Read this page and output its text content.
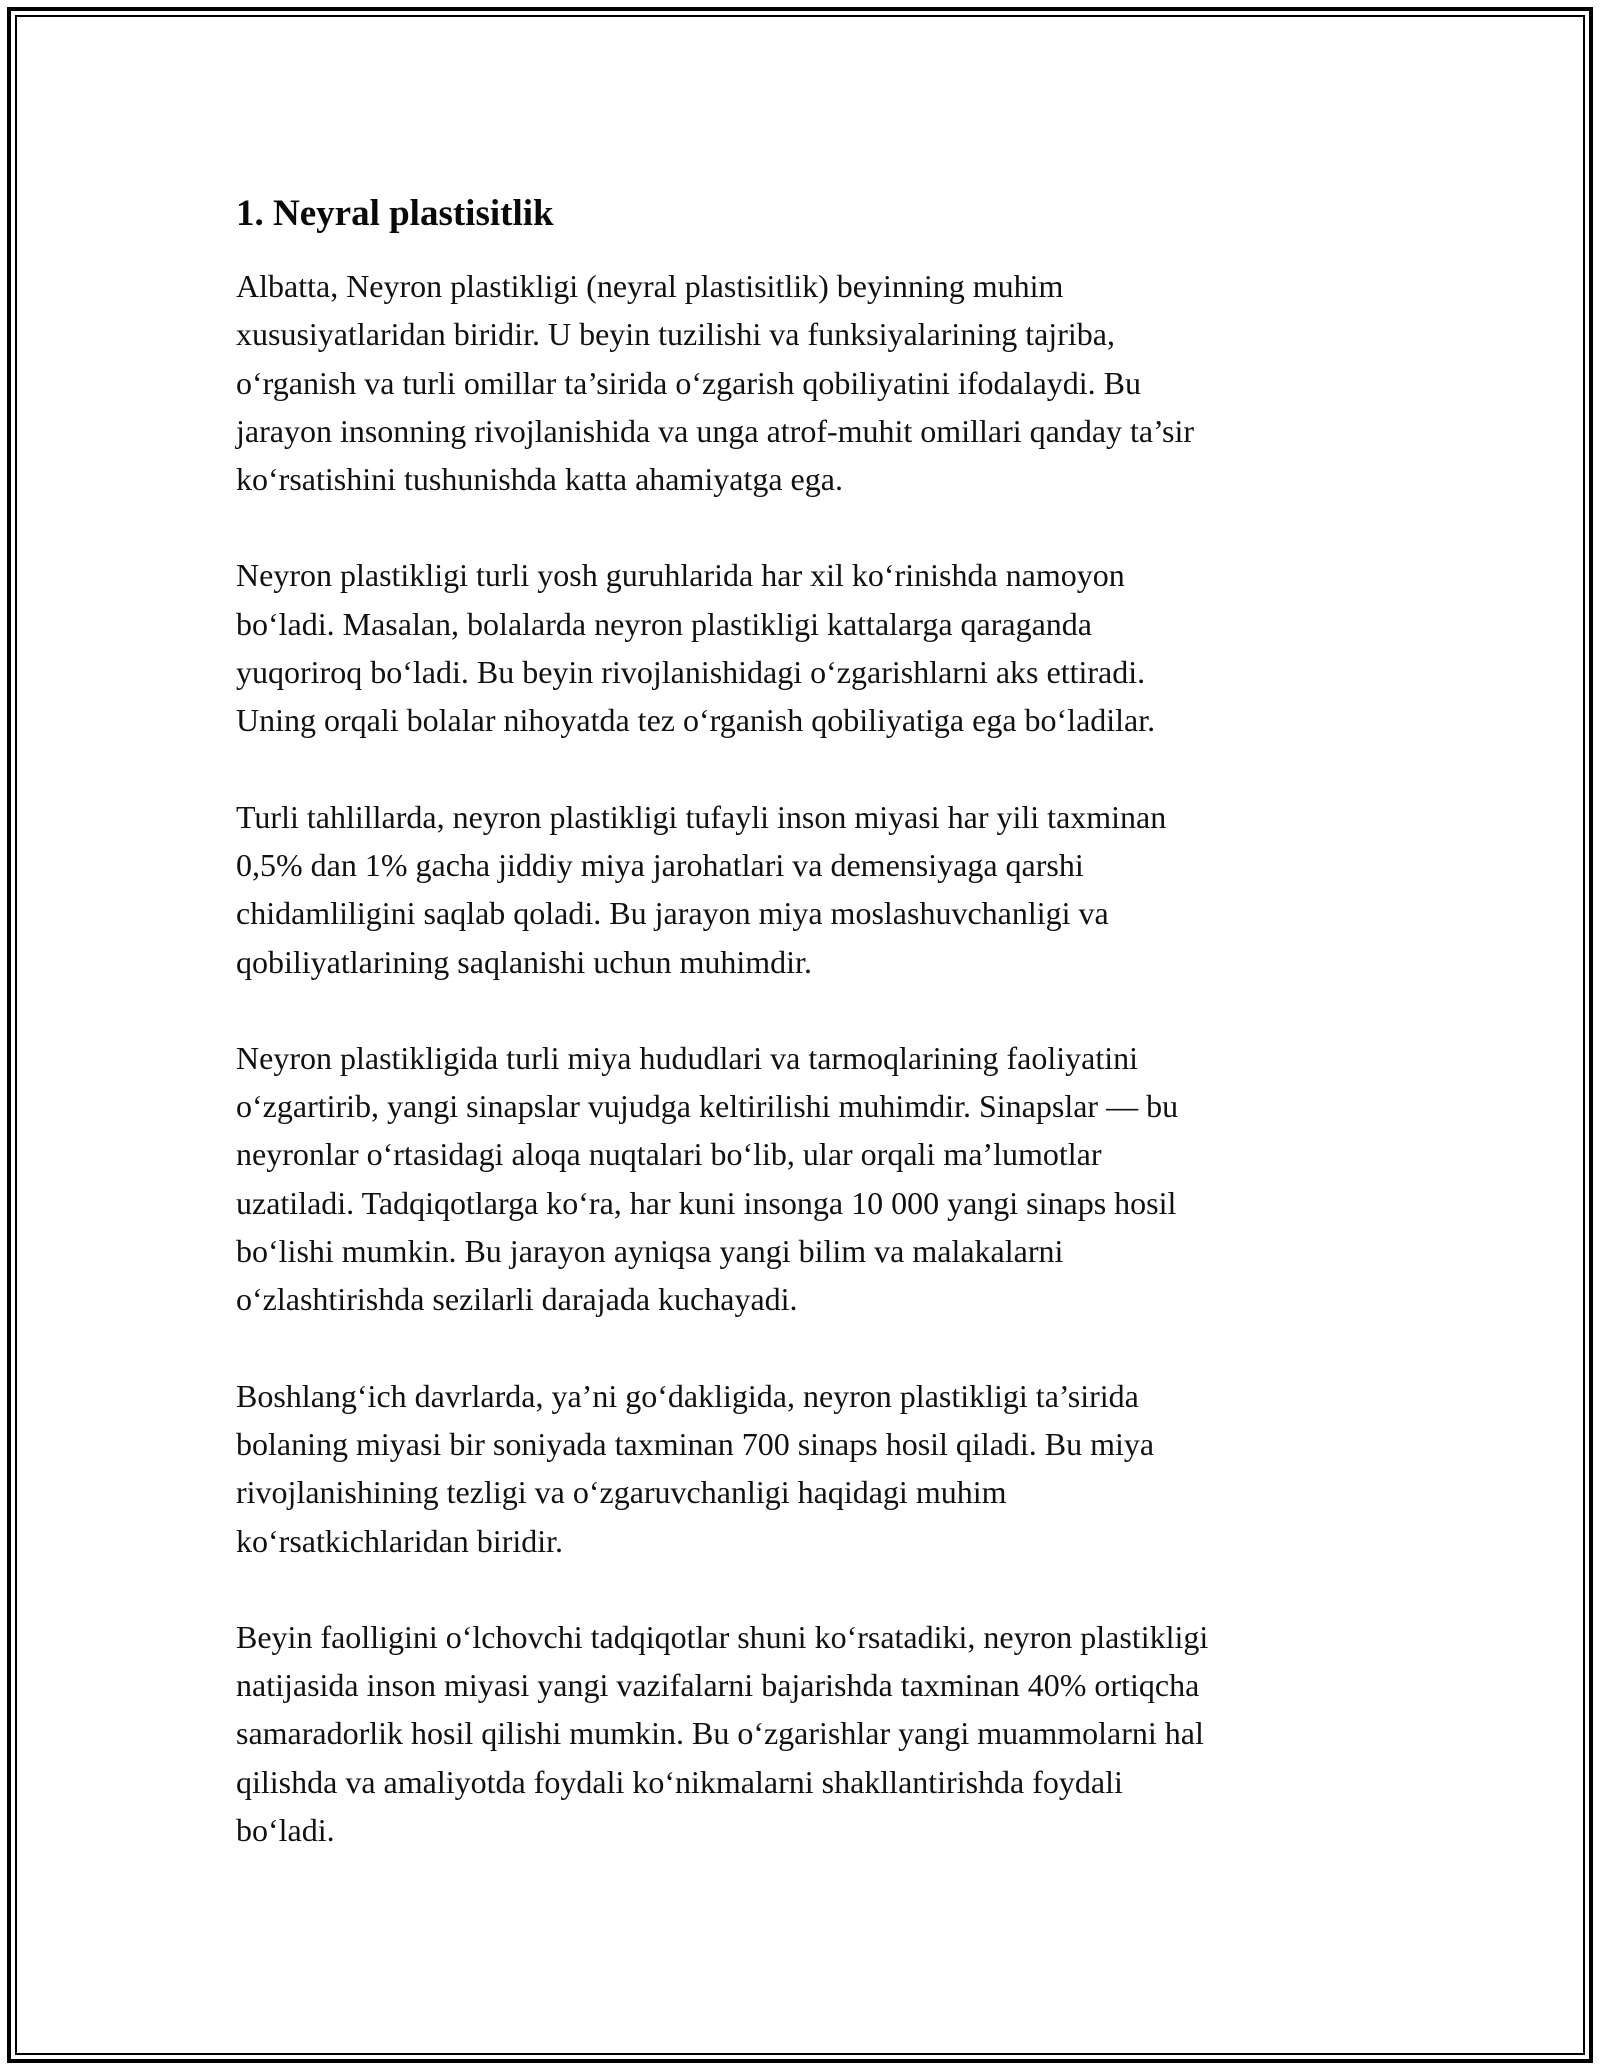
1. Neyral plastisitlik

Albatta, Neyron plastikligi (neyral plastisitlik) beyinning muhim
xususiyatlaridan biridir. U beyin tuzilishi va funksiyalarining tajriba,
o‘rganish va turli omillar ta’sirida o‘zgarish qobiliyatini ifodalaydi. Bu
jarayon insonning rivojlanishida va unga atrof-muhit omillari qanday ta’sir
ko‘rsatishini tushunishda katta ahamiyatga ega.

Neyron plastikligi turli yosh guruhlarida har xil ko‘rinishda namoyon
bo‘ladi. Masalan, bolalarda neyron plastikligi kattalarga qaraganda
yuqoriroq bo‘ladi. Bu beyin rivojlanishidagi o‘zgarishlarni aks ettiradi.
Uning orqali bolalar nihoyatda tez o‘rganish qobiliyatiga ega bo‘ladilar.

Turli tahlillarda, neyron plastikligi tufayli inson miyasi har yili taxminan
0,5% dan 1% gacha jiddiy miya jarohatlari va demensiyaga qarshi
chidamliligini saqlab qoladi. Bu jarayon miya moslashuvchanligi va
qobiliyatlarining saqlanishi uchun muhimdir.

Neyron plastikligida turli miya hududlari va tarmoqlarining faoliyatini
o‘zgartirib, yangi sinapslar vujudga keltirilishi muhimdir. Sinapslar — bu
neyronlar o‘rtasidagi aloqa nuqtalari bo‘lib, ular orqali ma’lumotlar
uzatiladi. Tadqiqotlarga ko‘ra, har kuni insonga 10 000 yangi sinaps hosil
bo‘lishi mumkin. Bu jarayon ayniqsa yangi bilim va malakalarni
o‘zlashtirishda sezilarli darajada kuchayadi.

Boshlang‘ich davrlarda, ya’ni go‘dakligida, neyron plastikligi ta’sirida
bolaning miyasi bir soniyada taxminan 700 sinaps hosil qiladi. Bu miya
rivojlanishining tezligi va o‘zgaruvchanligi haqidagi muhim
ko‘rsatkichlaridan biridir.

Beyin faolligini o‘lchovchi tadqiqotlar shuni ko‘rsatadiki, neyron plastikligi
natijasida inson miyasi yangi vazifalarni bajarishda taxminan 40% ortiqcha
samaradorlik hosil qilishi mumkin. Bu o‘zgarishlar yangi muammolarni hal
qilishda va amaliyotda foydali ko‘nikmalarni shakllantirishda foydali
bo‘ladi.
